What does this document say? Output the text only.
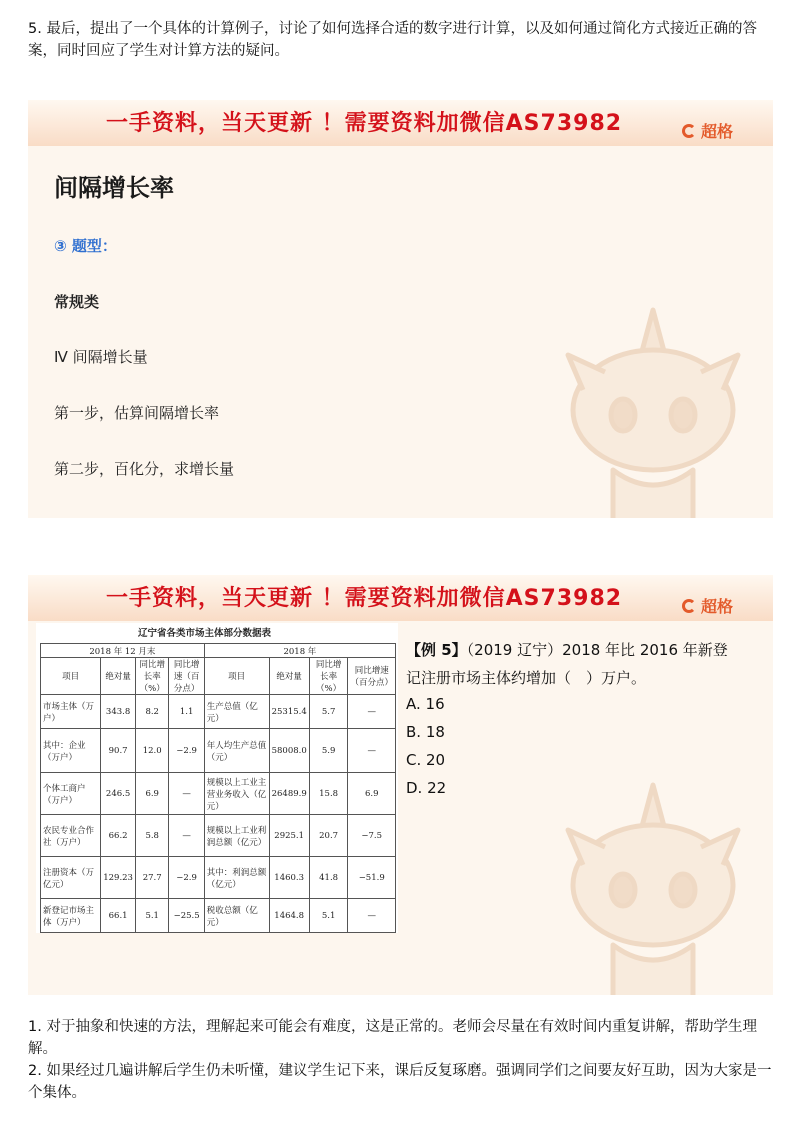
5. 最后，提出了一个具体的计算例子，讨论了如何选择合适的数字进行计算，以及如何通过简化方式接近正确的答案，同时回应了学生对计算方法的疑问。
一手资料，当天更新 ！需要资料加微信AS73982	超格
间隔增长率
③ 题型：
常规类
Ⅳ 间隔增长量
第一步，估算间隔增长率
第二步，百化分，求增长量
一手资料，当天更新 ！需要资料加微信AS73982	超格
辽宁省各类市场主体部分数据表
2018 年 12 月末				2018 年			
项目	绝对量	同比增长率（%）	同比增速（百分点）	项目	绝对量	同比增长率（%）	同比增速（百分点）
市场主体（万户）	343.8	8.2	1.1	生产总值（亿元）	25315.4	5.7	—
其中：企业（万户）	90.7	12.0	−2.9	年人均生产总值（元）	58008.0	5.9	—
个体工商户（万户）	246.5	6.9	—	规模以上工业主营业务收入（亿元）	26489.9	15.8	6.9
农民专业合作社（万户）	66.2	5.8	—	规模以上工业利润总额（亿元）	2925.1	20.7	−7.5
注册资本（万亿元）	129.23	27.7	−2.9	其中：利润总额（亿元）	1460.3	41.8	−51.9
新登记市场主体（万户）	66.1	5.1	−25.5	税收总额（亿元）	1464.8	5.1	—
【例 5】（2019 辽宁）2018 年比 2016 年新登
记注册市场主体约增加（　）万户。
A. 16
B. 18
C. 20
D. 22
1. 对于抽象和快速的方法，理解起来可能会有难度，这是正常的。老师会尽量在有效时间内重复讲解，帮助学生理解。
2. 如果经过几遍讲解后学生仍未听懂，建议学生记下来，课后反复琢磨。强调同学们之间要友好互助，因为大家是一个集体。
